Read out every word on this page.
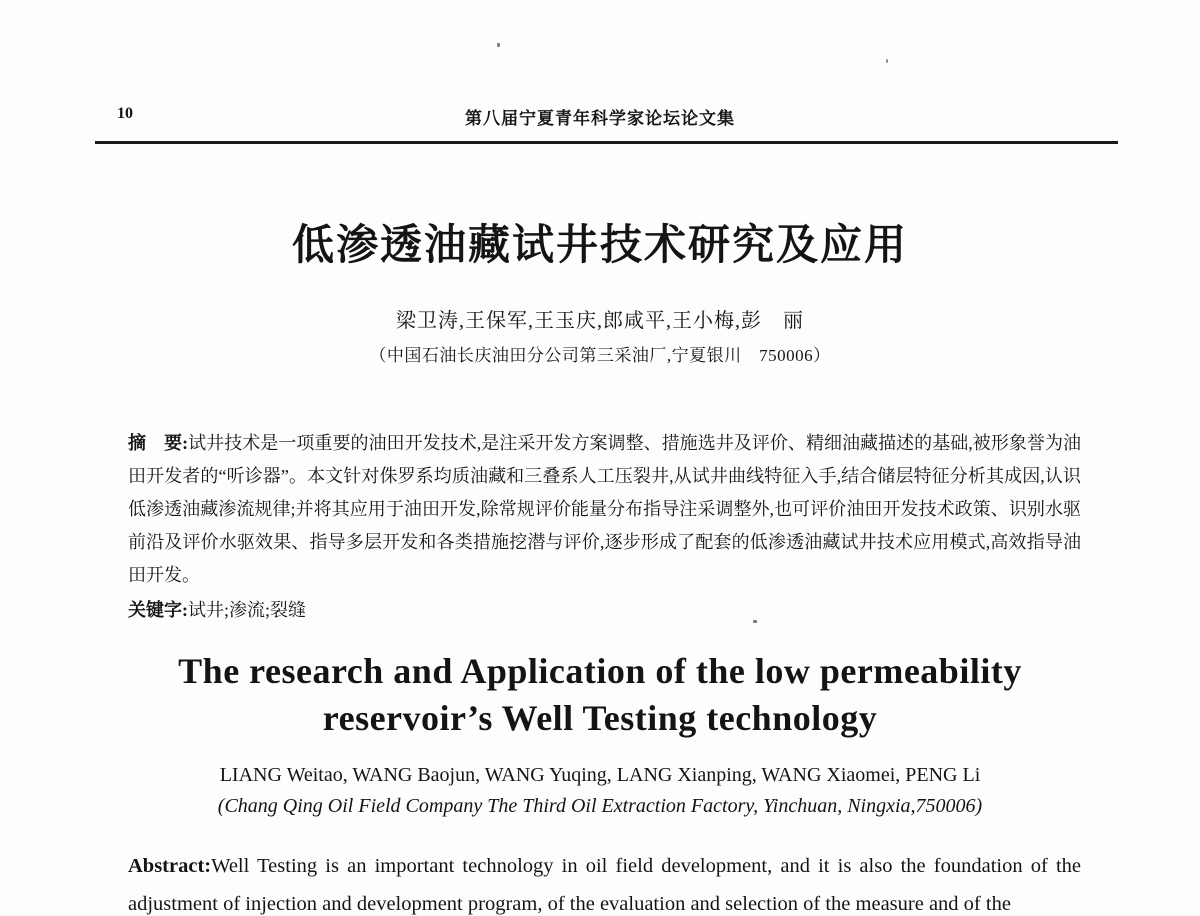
10	第八届宁夏青年科学家论坛论文集
低渗透油藏试井技术研究及应用
梁卫涛,王保军,王玉庆,郎咸平,王小梅,彭　丽
（中国石油长庆油田分公司第三采油厂,宁夏银川　750006）

摘　要:试井技术是一项重要的油田开发技术,是注采开发方案调整、措施选井及评价、精细油藏描述的基础,被形象誉为油田开发者的“听诊器”。本文针对侏罗系均质油藏和三叠系人工压裂井,从试井曲线特征入手,结合储层特征分析其成因,认识低渗透油藏渗流规律;并将其应用于油田开发,除常规评价能量分布指导注采调整外,也可评价油田开发技术政策、识别水驱前沿及评价水驱效果、指导多层开发和各类措施挖潜与评价,逐步形成了配套的低渗透油藏试井技术应用模式,高效指导油田开发。

关键字:试井;渗流;裂缝

The research and Application of the low permeability
reservoir’s Well Testing technology
LIANG Weitao, WANG Baojun, WANG Yuqing, LANG Xianping, WANG Xiaomei, PENG Li
(Chang Qing Oil Field Company The Third Oil Extraction Factory, Yinchuan, Ningxia,750006)

Abstract:Well Testing is an important technology in oil field development, and it is also the foundation of the adjustment of injection and development program, of the evaluation and selection of the measure and of the
